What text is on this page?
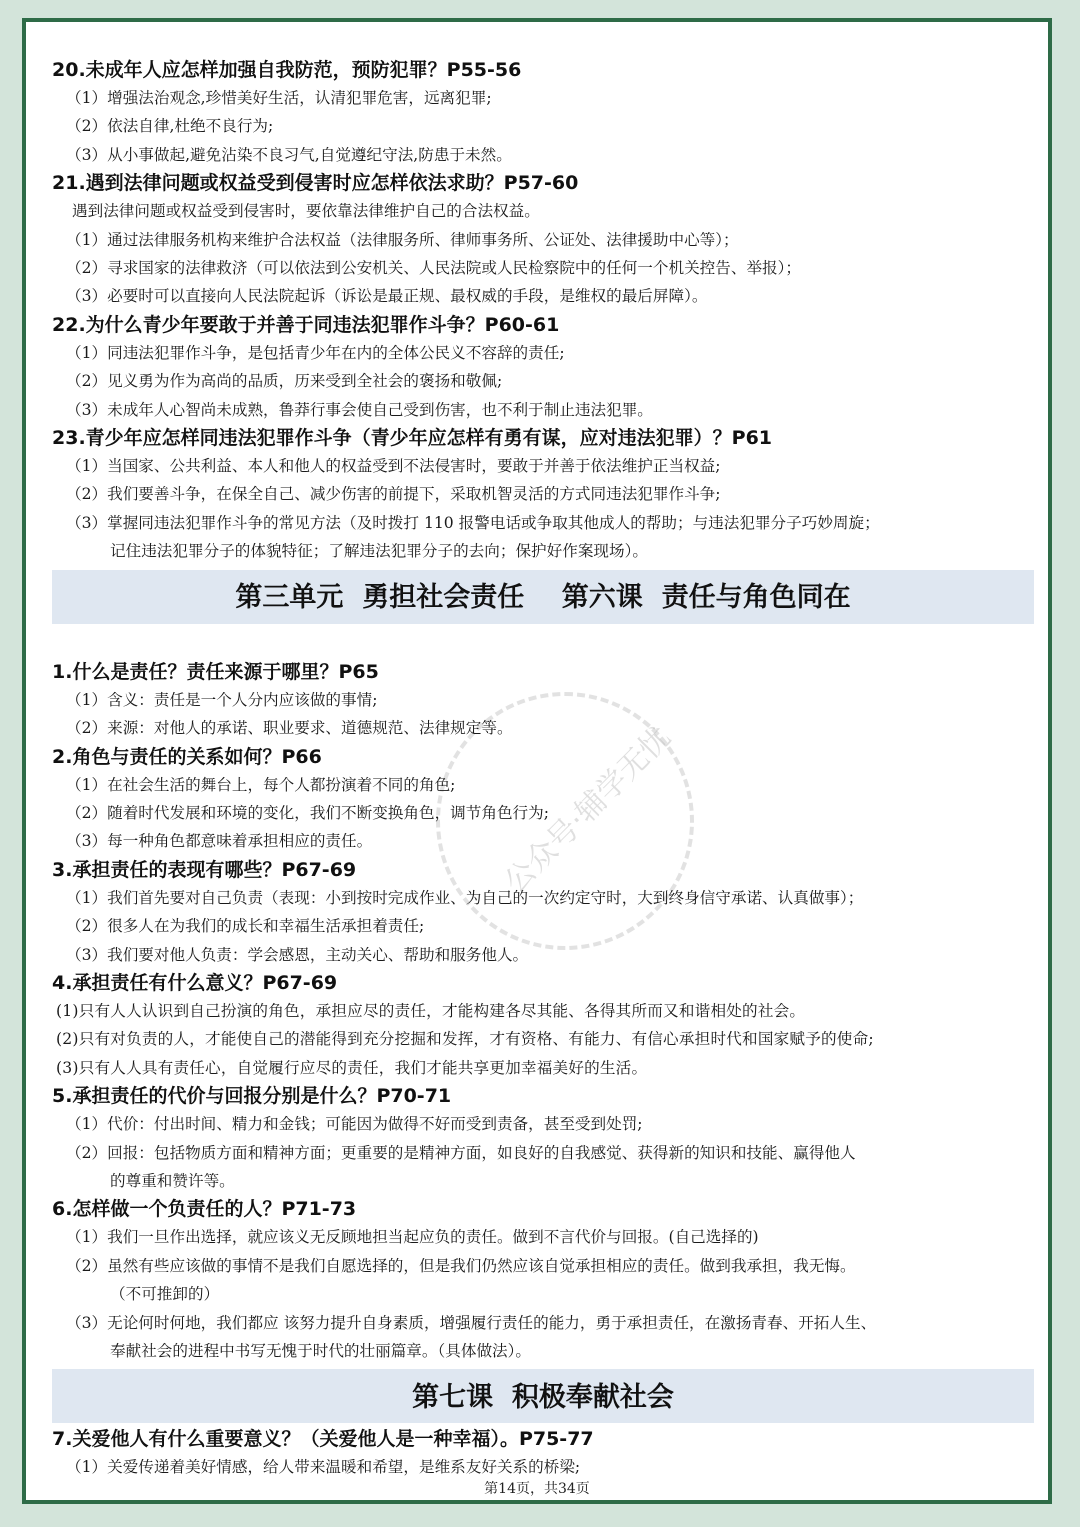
公众号·辅学无忧
20.未成年人应怎样加强自我防范，预防犯罪？P55-56
（1）增强法治观念,珍惜美好生活，认清犯罪危害，远离犯罪;
（2）依法自律,杜绝不良行为;
（3）从小事做起,避免沾染不良习气,自觉遵纪守法,防患于未然。
21.遇到法律问题或权益受到侵害时应怎样依法求助？P57-60
遇到法律问题或权益受到侵害时，要依靠法律维护自己的合法权益。
（1）通过法律服务机构来维护合法权益（法律服务所、律师事务所、公证处、法律援助中心等）；
（2）寻求国家的法律救济（可以依法到公安机关、人民法院或人民检察院中的任何一个机关控告、举报）；
（3）必要时可以直接向人民法院起诉（诉讼是最正规、最权威的手段，是维权的最后屏障）。
22.为什么青少年要敢于并善于同违法犯罪作斗争？P60-61
（1）同违法犯罪作斗争，是包括青少年在内的全体公民义不容辞的责任;
（2）见义勇为作为高尚的品质，历来受到全社会的褒扬和敬佩;
（3）未成年人心智尚未成熟，鲁莽行事会使自己受到伤害，也不利于制止违法犯罪。
23.青少年应怎样同违法犯罪作斗争（青少年应怎样有勇有谋，应对违法犯罪）？P61
（1）当国家、公共利益、本人和他人的权益受到不法侵害时，要敢于并善于依法维护正当权益;
（2）我们要善斗争，在保全自己、减少伤害的前提下，采取机智灵活的方式同违法犯罪作斗争;
（3）掌握同违法犯罪作斗争的常见方法（及时拨打 110 报警电话或争取其他成人的帮助；与违法犯罪分子巧妙周旋；
记住违法犯罪分子的体貌特征；了解违法犯罪分子的去向；保护好作案现场）。
第三单元  勇担社会责任    第六课  责任与角色同在
1.什么是责任？责任来源于哪里？P65
（1）含义：责任是一个人分内应该做的事情;
（2）来源：对他人的承诺、职业要求、道德规范、法律规定等。
2.角色与责任的关系如何？P66
（1）在社会生活的舞台上，每个人都扮演着不同的角色;
（2）随着时代发展和环境的变化，我们不断变换角色，调节角色行为;
（3）每一种角色都意味着承担相应的责任。
3.承担责任的表现有哪些？P67-69
（1）我们首先要对自己负责（表现：小到按时完成作业、为自己的一次约定守时，大到终身信守承诺、认真做事）；
（2）很多人在为我们的成长和幸福生活承担着责任;
（3）我们要对他人负责：学会感恩，主动关心、帮助和服务他人。
4.承担责任有什么意义？P67-69
(1)只有人人认识到自己扮演的角色，承担应尽的责任，才能构建各尽其能、各得其所而又和谐相处的社会。
(2)只有对负责的人，才能使自己的潜能得到充分挖掘和发挥，才有资格、有能力、有信心承担时代和国家赋予的使命;
(3)只有人人具有责任心，自觉履行应尽的责任，我们才能共享更加幸福美好的生活。
5.承担责任的代价与回报分别是什么？P70-71
（1）代价：付出时间、精力和金钱；可能因为做得不好而受到责备，甚至受到处罚;
（2）回报：包括物质方面和精神方面；更重要的是精神方面，如良好的自我感觉、获得新的知识和技能、赢得他人
的尊重和赞许等。
6.怎样做一个负责任的人？P71-73
（1）我们一旦作出选择，就应该义无反顾地担当起应负的责任。做到不言代价与回报。(自己选择的)
（2）虽然有些应该做的事情不是我们自愿选择的，但是我们仍然应该自觉承担相应的责任。做到我承担，我无悔。
（不可推卸的）
（3）无论何时何地，我们都应 该努力提升自身素质，增强履行责任的能力，勇于承担责任，在激扬青春、开拓人生、
奉献社会的进程中书写无愧于时代的壮丽篇章。（具体做法）。
第七课  积极奉献社会
7.关爱他人有什么重要意义？（关爱他人是一种幸福）。P75-77
（1）关爱传递着美好情感，给人带来温暖和希望，是维系友好关系的桥梁;
第14页，共34页
